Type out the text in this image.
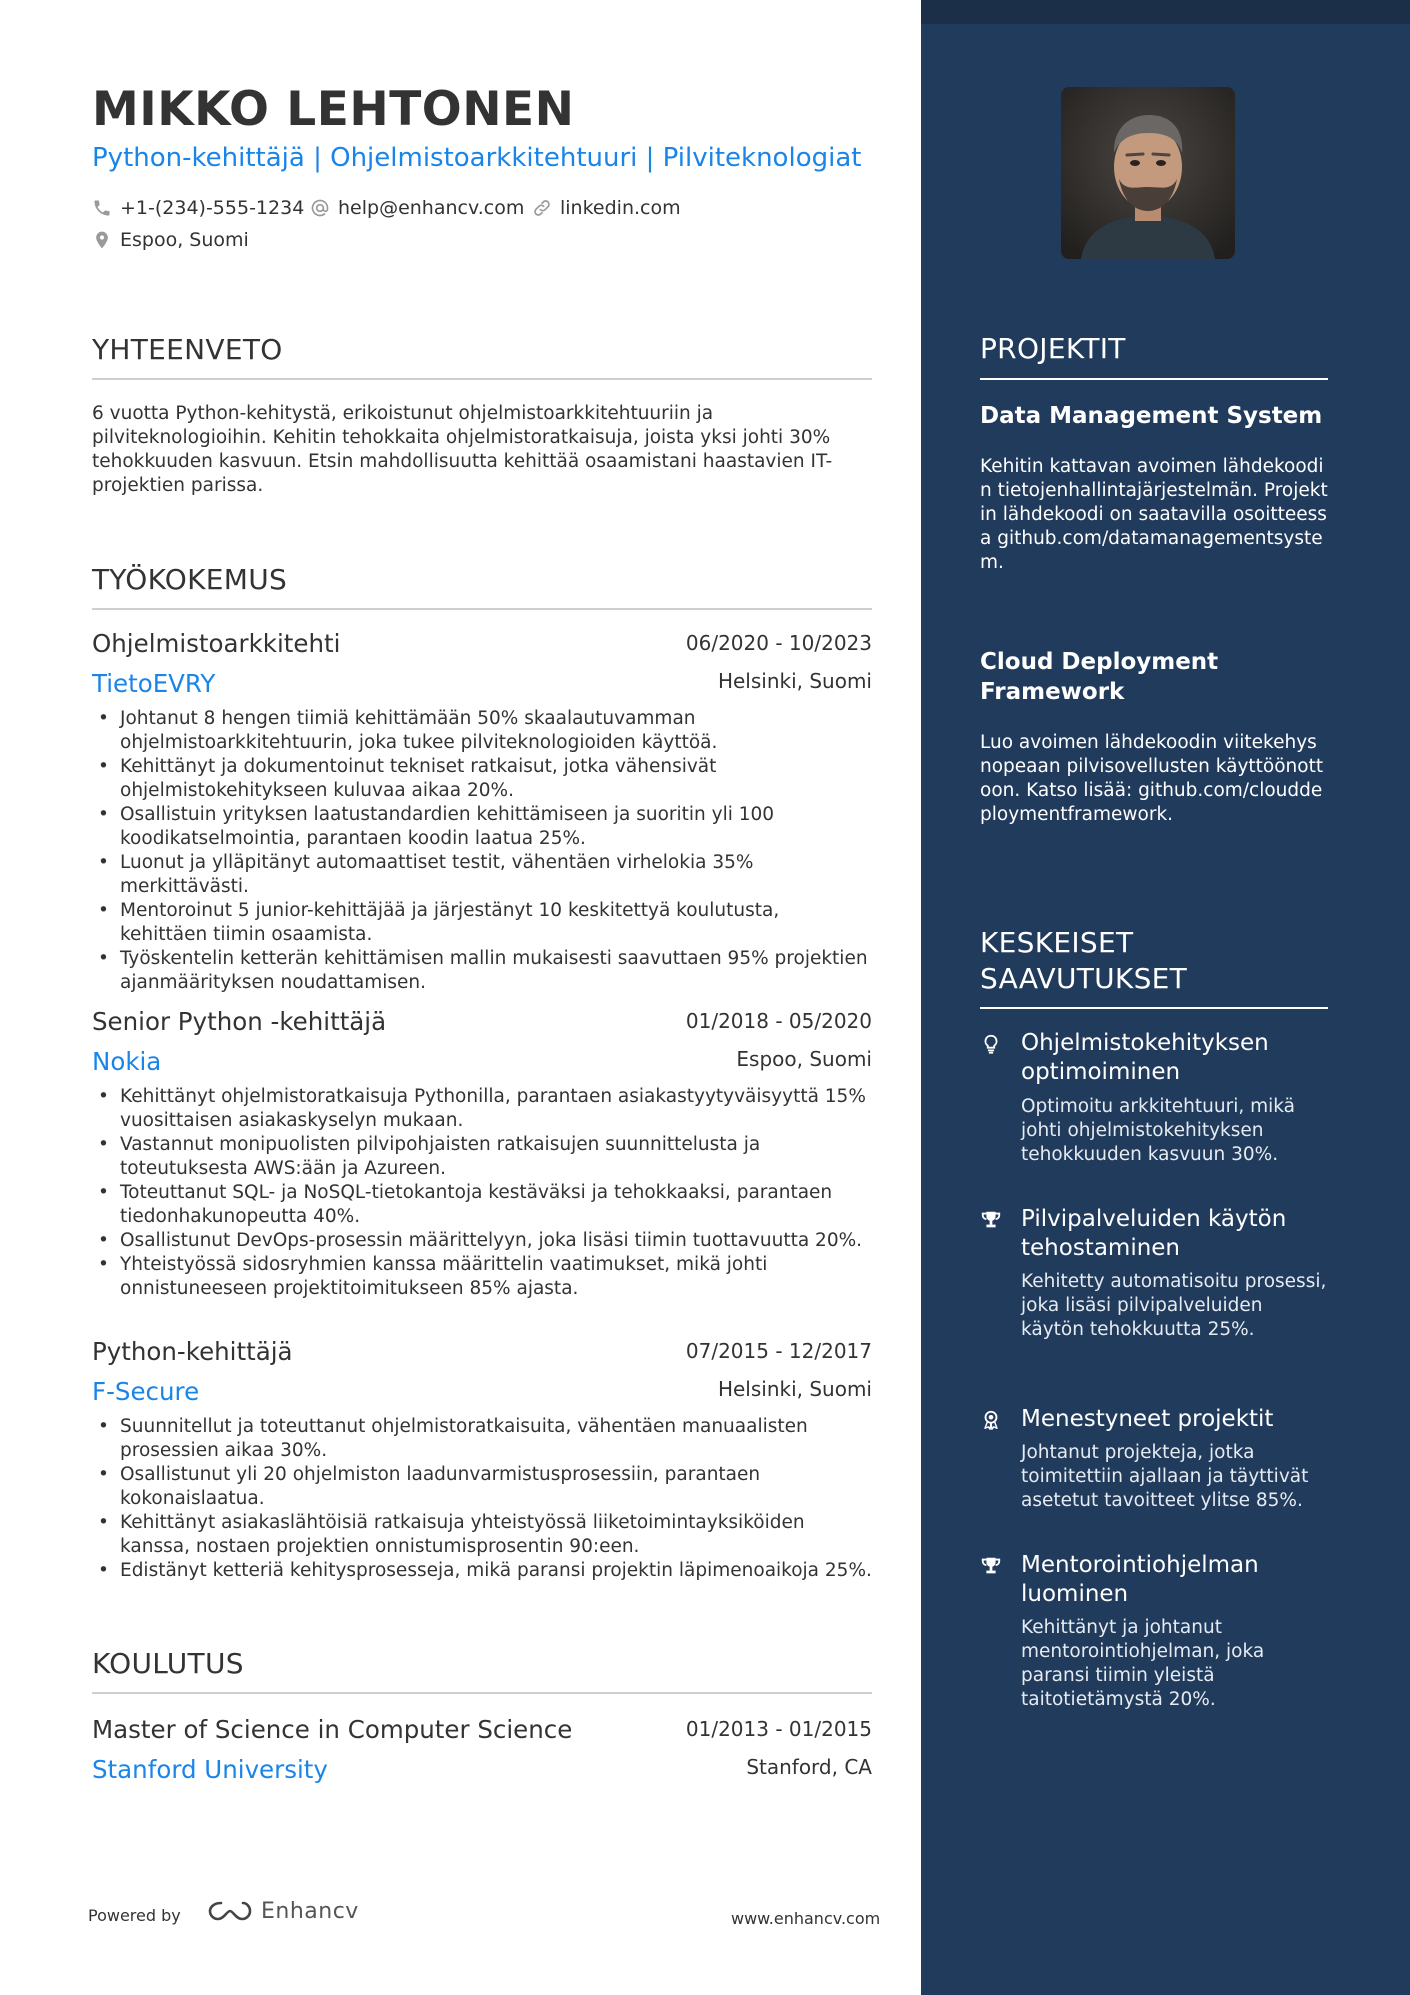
MIKKO LEHTONEN
Python-kehittäjä | Ohjelmistoarkkitehtuuri | Pilviteknologiat
+1-(234)-555-1234 help@enhancv.com linkedin.com
Espoo, Suomi
YHTEENVETO
6 vuotta Python-kehitystä, erikoistunut ohjelmistoarkkitehtuuriin ja pilviteknologioihin. Kehitin tehokkaita ohjelmistoratkaisuja, joista yksi johti 30% tehokkuuden kasvuun. Etsin mahdollisuutta kehittää osaamistani haastavien IT-projektien parissa.
TYÖKOKEMUS
Ohjelmistoarkkitehti	06/2020 - 10/2023
TietoEVRY	Helsinki, Suomi
• Johtanut 8 hengen tiimiä kehittämään 50% skaalautuvamman ohjelmistoarkkitehtuurin, joka tukee pilviteknologioiden käyttöä.
• Kehittänyt ja dokumentoinut tekniset ratkaisut, jotka vähensivät ohjelmistokehitykseen kuluvaa aikaa 20%.
• Osallistuin yrityksen laatustandardien kehittämiseen ja suoritin yli 100 koodikatselmointia, parantaen koodin laatua 25%.
• Luonut ja ylläpitänyt automaattiset testit, vähentäen virhelokia 35% merkittävästi.
• Mentoroinut 5 junior-kehittäjää ja järjestänyt 10 keskitettyä koulutusta, kehittäen tiimin osaamista.
• Työskentelin ketterän kehittämisen mallin mukaisesti saavuttaen 95% projektien ajanmäärityksen noudattamisen.
Senior Python -kehittäjä	01/2018 - 05/2020
Nokia	Espoo, Suomi
• Kehittänyt ohjelmistoratkaisuja Pythonilla, parantaen asiakastyytyväisyyttä 15% vuosittaisen asiakaskyselyn mukaan.
• Vastannut monipuolisten pilvipohjaisten ratkaisujen suunnittelusta ja toteutuksesta AWS:ään ja Azureen.
• Toteuttanut SQL- ja NoSQL-tietokantoja kestäväksi ja tehokkaaksi, parantaen tiedonhakunopeutta 40%.
• Osallistunut DevOps-prosessin määrittelyyn, joka lisäsi tiimin tuottavuutta 20%.
• Yhteistyössä sidosryhmien kanssa määrittelin vaatimukset, mikä johti onnistuneeseen projektitoimitukseen 85% ajasta.
Python-kehittäjä	07/2015 - 12/2017
F-Secure	Helsinki, Suomi
• Suunnitellut ja toteuttanut ohjelmistoratkaisuita, vähentäen manuaalisten prosessien aikaa 30%.
• Osallistunut yli 20 ohjelmiston laadunvarmistusprosessiin, parantaen kokonaislaatua.
• Kehittänyt asiakaslähtöisiä ratkaisuja yhteistyössä liiketoimintayksiköiden kanssa, nostaen projektien onnistumisprosentin 90:een.
• Edistänyt ketteriä kehitysprosesseja, mikä paransi projektin läpimenoaikoja 25%.
KOULUTUS
Master of Science in Computer Science	01/2013 - 01/2015
Stanford University	Stanford, CA
Powered by	Enhancv	www.enhancv.com
PROJEKTIT
Data Management System
Kehitin kattavan avoimen lähdekoodin tietojenhallintajärjestelmän. Projektin lähdekoodi on saatavilla osoitteessa github.com/datamanagementsystem.
Cloud Deployment Framework
Luo avoimen lähdekoodin viitekehys nopeaan pilvisovellusten käyttöönottoon. Katso lisää: github.com/clouddeploymentframework.
KESKEISET SAAVUTUKSET
Ohjelmistokehityksen optimoiminen
Optimoitu arkkitehtuuri, mikä johti ohjelmistokehityksen tehokkuuden kasvuun 30%.
Pilvipalveluiden käytön tehostaminen
Kehitetty automatisoitu prosessi, joka lisäsi pilvipalveluiden käytön tehokkuutta 25%.
Menestyneet projektit
Johtanut projekteja, jotka toimitettiin ajallaan ja täyttivät asetetut tavoitteet ylitse 85%.
Mentorointiohjelman luominen
Kehittänyt ja johtanut mentorointiohjelman, joka paransi tiimin yleistä taitotietämystä 20%.
